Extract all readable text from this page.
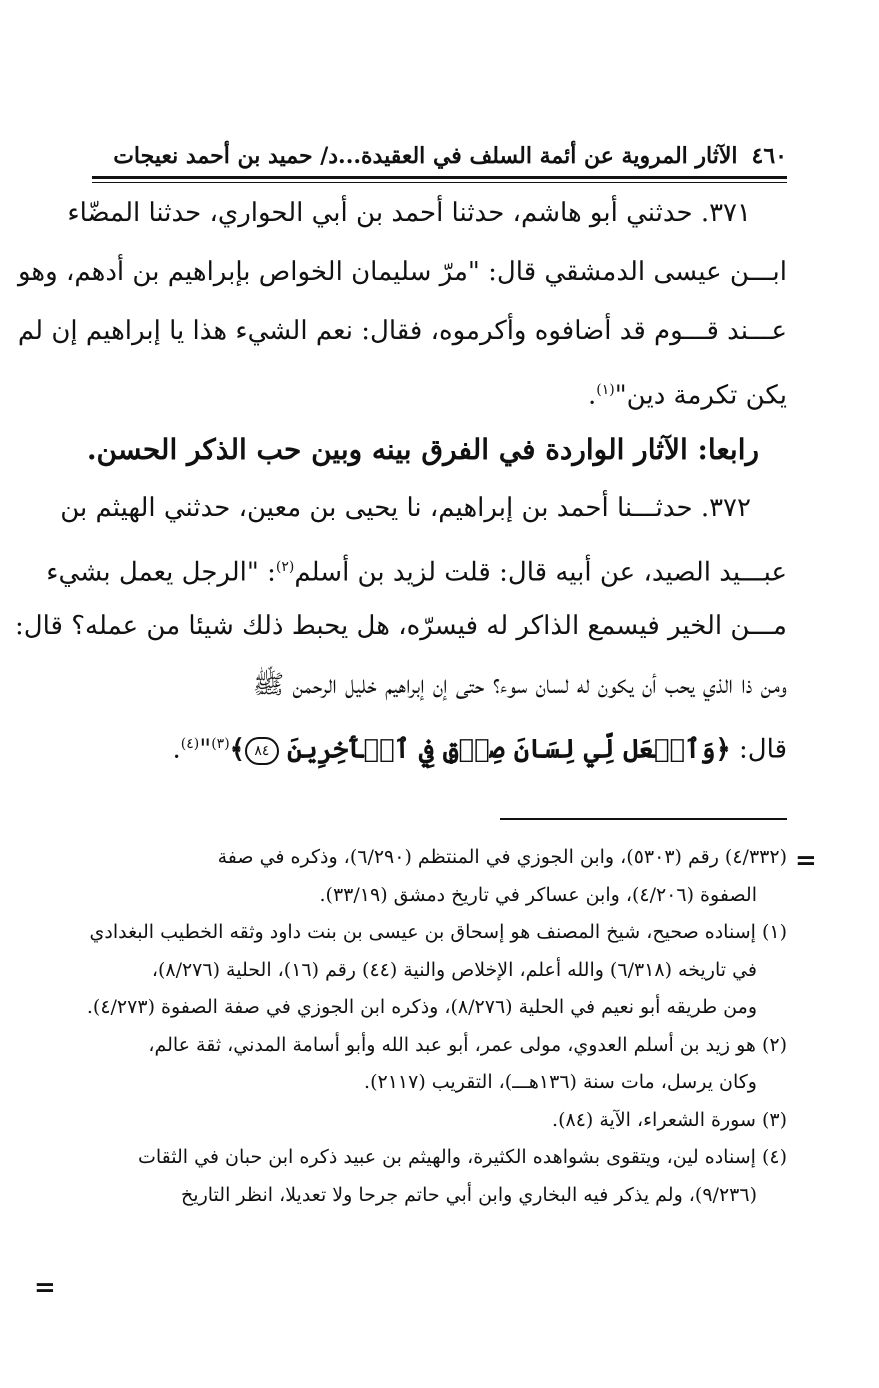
٤٦٠
الآثار المروية عن أئمة السلف في العقيدة...د/ حميد بن أحمد نعيجات
٣٧١. حدثني أبو هاشم، حدثنا أحمد بن أبي الحواري، حدثنا المضّاء
ابـــن عيسى الدمشقي قال: "مرّ سليمان الخواص بإبراهيم بن أدهم، وهو
عـــند قـــوم قد أضافوه وأكرموه، فقال: نعم الشيء هذا يا إبراهيم إن لم
يكن تكرمة دين"$^{(١)}$.
رابعا: الآثار الواردة في الفرق بينه وبين حب الذكر الحسن.
٣٧٢. حدثـــنا أحمد بن إبراهيم، نا يحيى بن معين، حدثني الهيثم بن
عبـــيد الصيد، عن أبيه قال: قلت لزيد بن أسلم$^{(٢)}$: "الرجل يعمل بشيء
مـــن الخير فيسمع الذاكر له فيسرّه، هل يحبط ذلك شيئا من عمله؟ قال:
ومن ذا الذي يحب أن يكون له لسان سوء؟ حتى إن إبراهيم خليل الرحمن ﷺ
قال: ﴿وَٱجۡعَل لِّي لِسَانَ صِدۡقٖ فِي ٱلۡأٓخِرِينَ ٨٤﴾$^{(٣)}$"$^{(٤)}$.
=
(٤/٣٣٢) رقم (٥٣٠٣)، وابن الجوزي في المنتظم (٦/٢٩٠)، وذكره في صفة
الصفوة (٤/٢٠٦)، وابن عساكر في تاريخ دمشق (٣٣/١٩).
(١) إسناده صحيح، شيخ المصنف هو إسحاق بن عيسى بن بنت داود وثقه الخطيب البغدادي
في تاريخه (٦/٣١٨) والله أعلم، الإخلاص والنية (٤٤) رقم (١٦)، الحلية (٨/٢٧٦)،
ومن طريقه أبو نعيم في الحلية (٨/٢٧٦)، وذكره ابن الجوزي في صفة الصفوة (٤/٢٧٣).
(٢) هو زيد بن أسلم العدوي، مولى عمر، أبو عبد الله وأبو أسامة المدني، ثقة عالم،
وكان يرسل، مات سنة (١٣٦هـــ)، التقريب (٢١١٧).
(٣) سورة الشعراء، الآية (٨٤).
(٤) إسناده لين، ويتقوى بشواهده الكثيرة، والهيثم بن عبيد ذكره ابن حبان في الثقات
(٩/٢٣٦)، ولم يذكر فيه البخاري وابن أبي حاتم جرحا ولا تعديلا، انظر التاريخ
=
